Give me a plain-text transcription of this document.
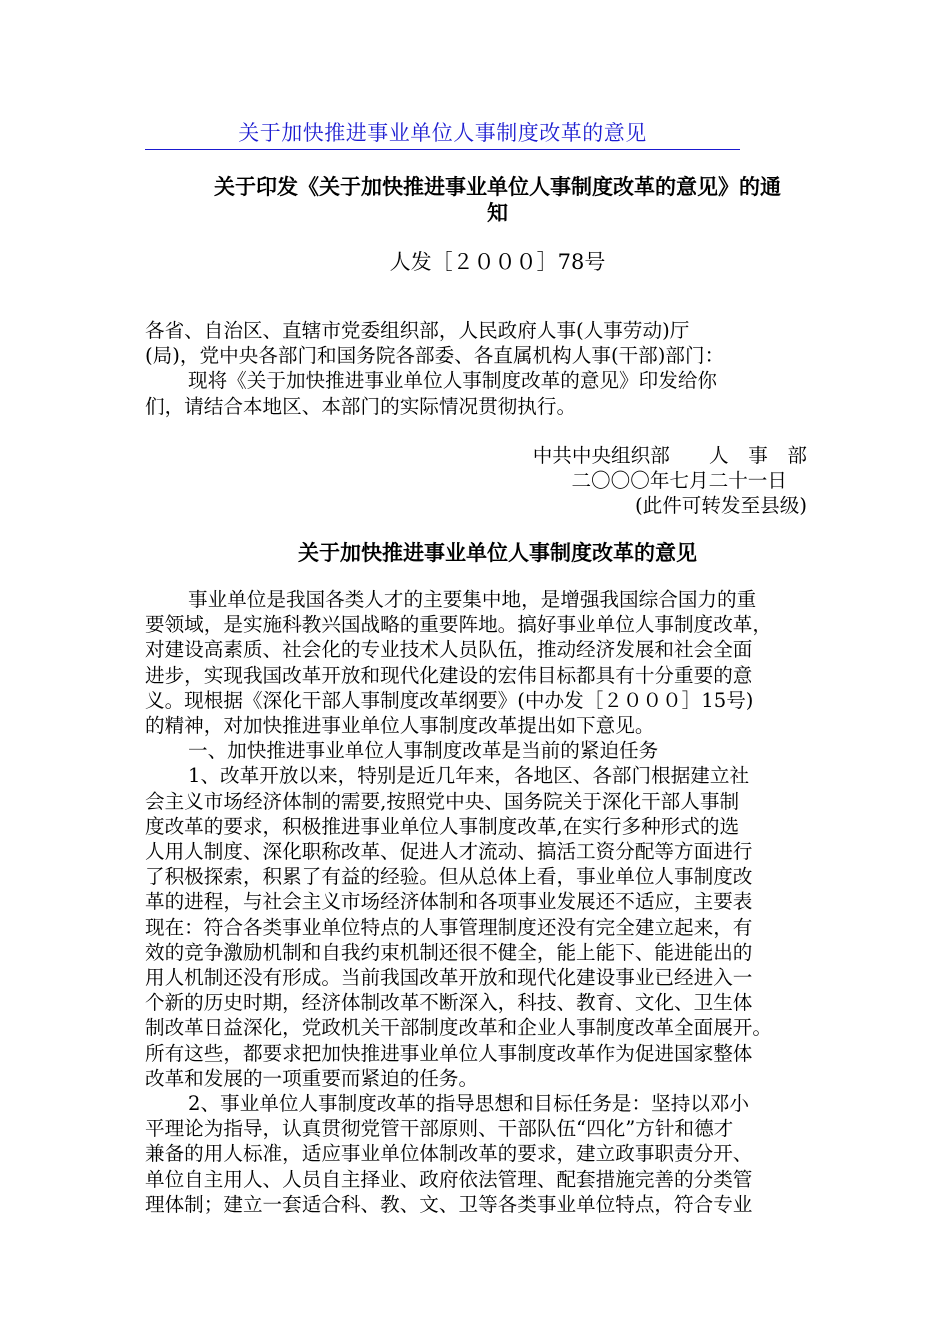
关于加快推进事业单位人事制度改革的意见
关于印发《关于加快推进事业单位人事制度改革的意见》的通
知
人发［２０００］78号
各省、自治区、直辖市党委组织部，人民政府人事(人事劳动)厅
(局)，党中央各部门和国务院各部委、各直属机构人事(干部)部门：
现将《关于加快推进事业单位人事制度改革的意见》印发给你
们，请结合本地区、本部门的实际情况贯彻执行。
中共中央组织部　　人　事　部
二〇〇〇年七月二十一日
(此件可转发至县级)
关于加快推进事业单位人事制度改革的意见
事业单位是我国各类人才的主要集中地，是增强我国综合国力的重
要领域，是实施科教兴国战略的重要阵地。搞好事业单位人事制度改革，
对建设高素质、社会化的专业技术人员队伍，推动经济发展和社会全面
进步，实现我国改革开放和现代化建设的宏伟目标都具有十分重要的意
义。现根据《深化干部人事制度改革纲要》(中办发［２０００］15号)
的精神，对加快推进事业单位人事制度改革提出如下意见。
一、加快推进事业单位人事制度改革是当前的紧迫任务
1、改革开放以来，特别是近几年来，各地区、各部门根据建立社
会主义市场经济体制的需要,按照党中央、国务院关于深化干部人事制
度改革的要求，积极推进事业单位人事制度改革,在实行多种形式的选
人用人制度、深化职称改革、促进人才流动、搞活工资分配等方面进行
了积极探索，积累了有益的经验。但从总体上看，事业单位人事制度改
革的进程，与社会主义市场经济体制和各项事业发展还不适应，主要表
现在：符合各类事业单位特点的人事管理制度还没有完全建立起来，有
效的竞争激励机制和自我约束机制还很不健全，能上能下、能进能出的
用人机制还没有形成。当前我国改革开放和现代化建设事业已经进入一
个新的历史时期，经济体制改革不断深入，科技、教育、文化、卫生体
制改革日益深化，党政机关干部制度改革和企业人事制度改革全面展开。
所有这些，都要求把加快推进事业单位人事制度改革作为促进国家整体
改革和发展的一项重要而紧迫的任务。
2、事业单位人事制度改革的指导思想和目标任务是：坚持以邓小
平理论为指导，认真贯彻党管干部原则、干部队伍“四化”方针和德才
兼备的用人标准，适应事业单位体制改革的要求，建立政事职责分开、
单位自主用人、人员自主择业、政府依法管理、配套措施完善的分类管
理体制；建立一套适合科、教、文、卫等各类事业单位特点，符合专业
